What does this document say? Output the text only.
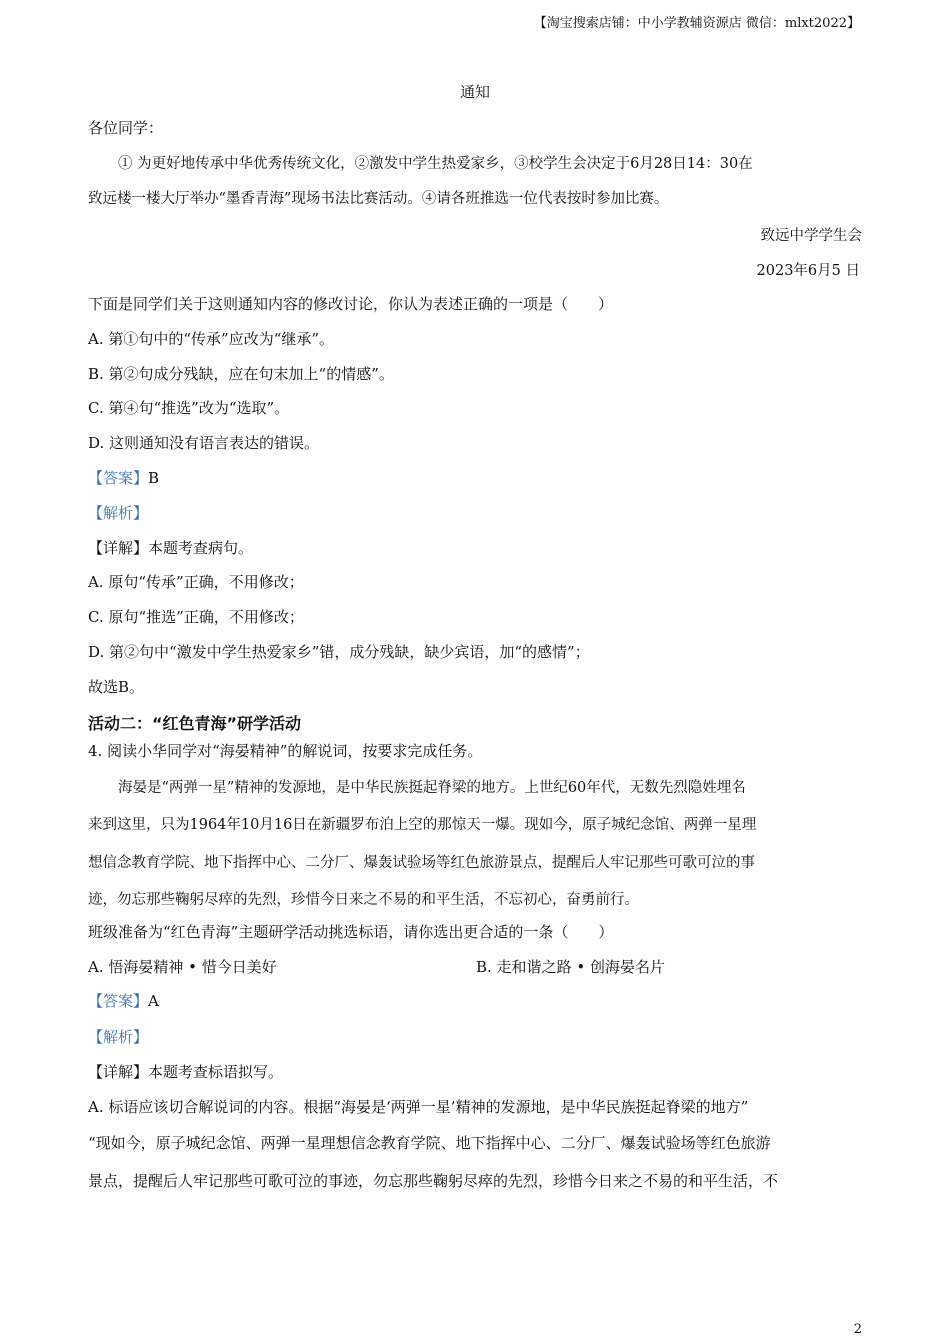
【淘宝搜索店铺：中小学教辅资源店 微信：mlxt2022】
通知
各位同学：
① 为更好地传承中华优秀传统文化，②激发中学生热爱家乡，③校学生会决定于6月28日14：30在
致远楼一楼大厅举办“墨香青海”现场书法比赛活动。④请各班推选一位代表按时参加比赛。
致远中学学生会
2023年6月5 日
下面是同学们关于这则通知内容的修改讨论，你认为表述正确的一项是（　　）
A. 第①句中的“传承”应改为“继承”。
B. 第②句成分残缺，应在句末加上“的情感”。
C. 第④句“推选”改为“选取”。
D. 这则通知没有语言表达的错误。
【答案】B
【解析】
【详解】本题考查病句。
A. 原句“传承”正确，不用修改；
C. 原句“推选”正确，不用修改；
D. 第②句中“激发中学生热爱家乡”错，成分残缺，缺少宾语，加“的感情”；
故选B。
活动二：“红色青海”研学活动
4. 阅读小华同学对“海晏精神”的解说词，按要求完成任务。
海晏是“两弹一星”精神的发源地，是中华民族挺起脊梁的地方。上世纪60年代，无数先烈隐姓埋名
来到这里，只为1964年10月16日在新疆罗布泊上空的那惊天一爆。现如今，原子城纪念馆、两弹一星理
想信念教育学院、地下指挥中心、二分厂、爆轰试验场等红色旅游景点，提醒后人牢记那些可歌可泣的事
迹，勿忘那些鞠躬尽瘁的先烈，珍惜今日来之不易的和平生活，不忘初心，奋勇前行。
班级准备为“红色青海”主题研学活动挑选标语，请你选出更合适的一条（　　）
A. 悟海晏精神 • 惜今日美好	B. 走和谐之路 • 创海晏名片
【答案】A
【解析】
【详解】本题考查标语拟写。
A. 标语应该切合解说词的内容。根据“海晏是‘两弹一星’精神的发源地，是中华民族挺起脊梁的地方”
“现如今，原子城纪念馆、两弹一星理想信念教育学院、地下指挥中心、二分厂、爆轰试验场等红色旅游
景点，提醒后人牢记那些可歌可泣的事迹，勿忘那些鞠躬尽瘁的先烈，珍惜今日来之不易的和平生活，不
2
